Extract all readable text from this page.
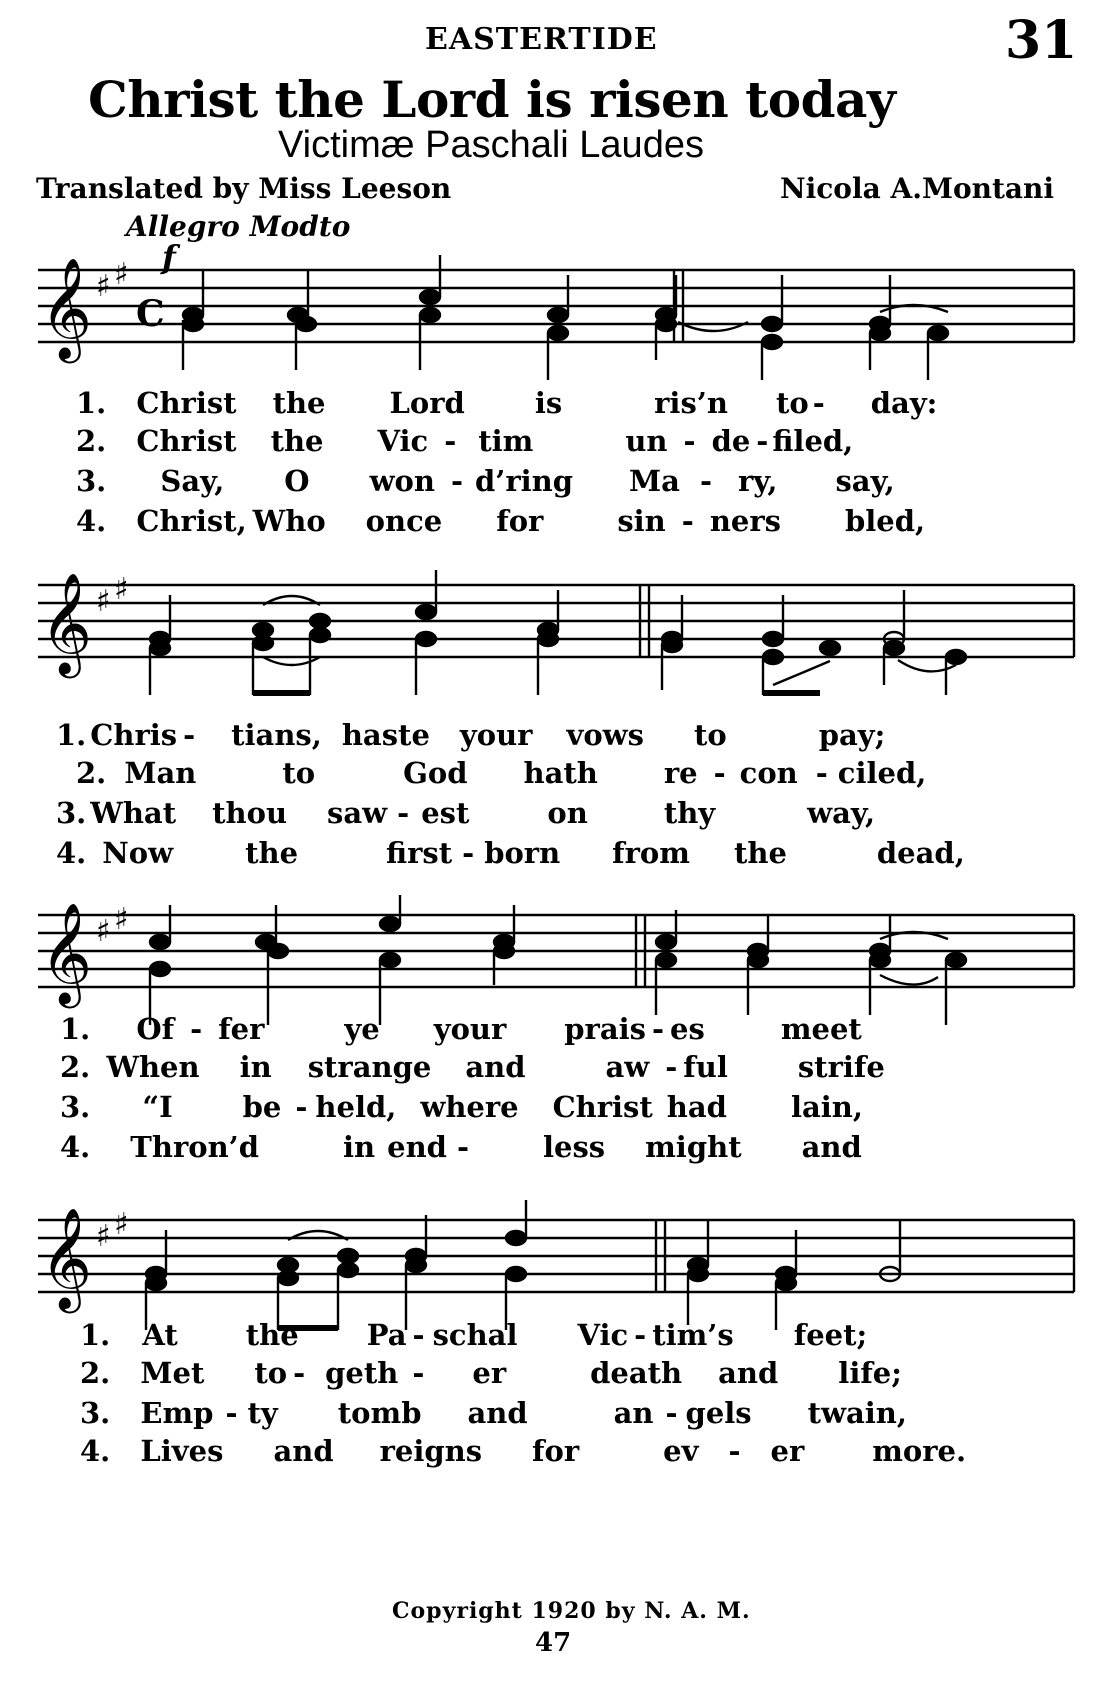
EASTERTIDE	31
Christ the Lord is risen today
Victimæ Paschali Laudes
Translated by Miss Leeson	Nicola A.Montani
Allegro Modto
f
𝄞 ♯ ♯
C
1. Christ the Lord is	ris’n to - day:
2. Christ the Vic - tim	un - de - filed,
3. Say, O won - d’ring Ma - ry, say,
4. Christ, Who once for	sin - ners bled,
𝄞 ♯ ♯
1. Chris - tians, haste your vows to	pay;
2. Man	to	God hath re - con - ciled,
3. What thou saw - est	on	thy	way,
4. Now the	first - born from the	dead,
𝄞 ♯ ♯
1. Of - fer	ye your prais - es	meet
2. When in strange and	aw - ful strife
3. “I be - held, where Christ had lain,
4. Thron’d	in end -	less might and
𝄞 ♯ ♯
1. At the Pa - schal Vic - tim’s feet;
2. Met to - geth - er	death and life;
3. Emp - ty tomb and	an - gels twain,
4. Lives and reigns for	ev - er more.
Copyright 1920 by N. A. M.
47
